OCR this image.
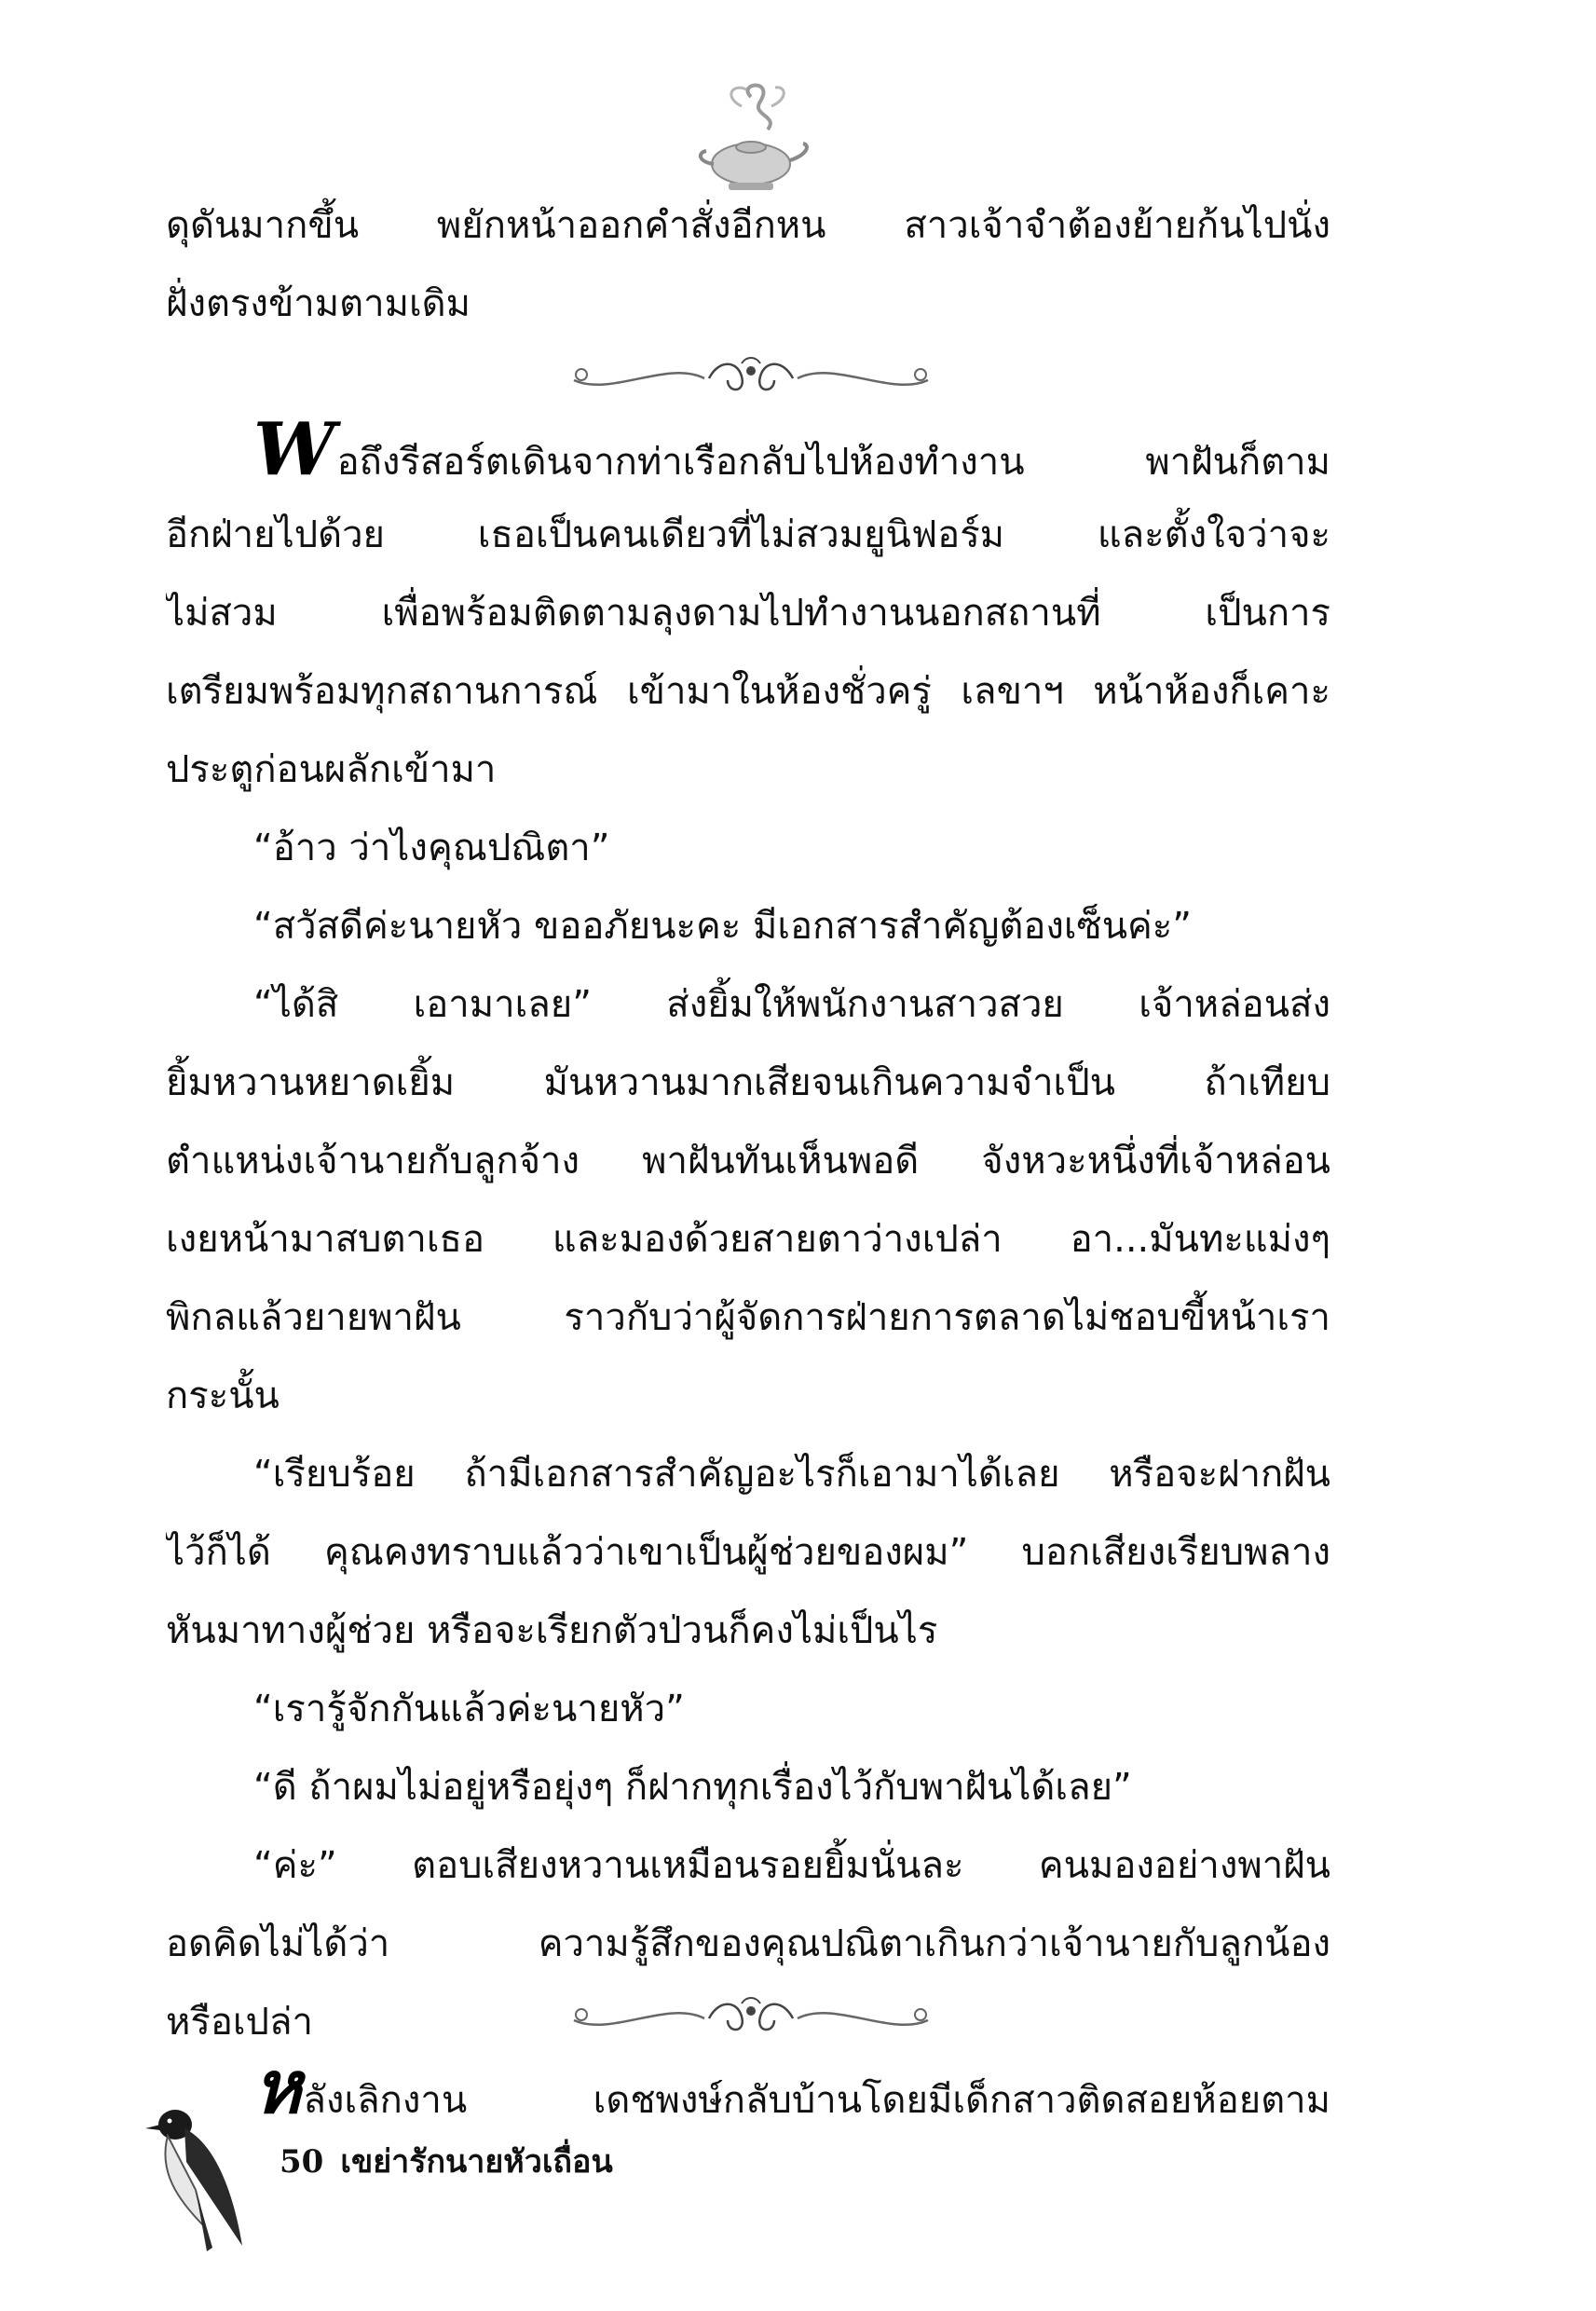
ดุดันมากขึ้น พยักหน้าออกคำสั่งอีกหน สาวเจ้าจำต้องย้ายก้นไปนั่ง
ฝั่งตรงข้ามตามเดิม
Wอถึงรีสอร์ตเดินจากท่าเรือกลับไปห้องทำงาน พาฝันก็ตาม
อีกฝ่ายไปด้วย เธอเป็นคนเดียวที่ไม่สวมยูนิฟอร์ม และตั้งใจว่าจะ
ไม่สวม เพื่อพร้อมติดตามลุงดามไปทำงานนอกสถานที่ เป็นการ
เตรียมพร้อมทุกสถานการณ์ เข้ามาในห้องชั่วครู่ เลขาฯ หน้าห้องก็เคาะ
ประตูก่อนผลักเข้ามา
“อ้าว ว่าไงคุณปณิตา”
“สวัสดีค่ะนายหัว ขออภัยนะคะ มีเอกสารสำคัญต้องเซ็นค่ะ”
“ได้สิ เอามาเลย” ส่งยิ้มให้พนักงานสาวสวย เจ้าหล่อนส่ง
ยิ้มหวานหยาดเยิ้ม มันหวานมากเสียจนเกินความจำเป็น ถ้าเทียบ
ตำแหน่งเจ้านายกับลูกจ้าง พาฝันทันเห็นพอดี จังหวะหนึ่งที่เจ้าหล่อน
เงยหน้ามาสบตาเธอ และมองด้วยสายตาว่างเปล่า อา...มันทะแม่งๆ
พิกลแล้วยายพาฝัน ราวกับว่าผู้จัดการฝ่ายการตลาดไม่ชอบขี้หน้าเรา
กระนั้น
“เรียบร้อย ถ้ามีเอกสารสำคัญอะไรก็เอามาได้เลย หรือจะฝากฝัน
ไว้ก็ได้ คุณคงทราบแล้วว่าเขาเป็นผู้ช่วยของผม” บอกเสียงเรียบพลาง
หันมาทางผู้ช่วย หรือจะเรียกตัวป่วนก็คงไม่เป็นไร
“เรารู้จักกันแล้วค่ะนายหัว”
“ดี ถ้าผมไม่อยู่หรือยุ่งๆ ก็ฝากทุกเรื่องไว้กับพาฝันได้เลย”
“ค่ะ” ตอบเสียงหวานเหมือนรอยยิ้มนั่นละ คนมองอย่างพาฝัน
อดคิดไม่ได้ว่า ความรู้สึกของคุณปณิตาเกินกว่าเจ้านายกับลูกน้อง
หรือเปล่า
หลังเลิกงาน เดชพงษ์กลับบ้านโดยมีเด็กสาวติดสอยห้อยตาม
50 เขย่ารักนายหัวเถื่อน
